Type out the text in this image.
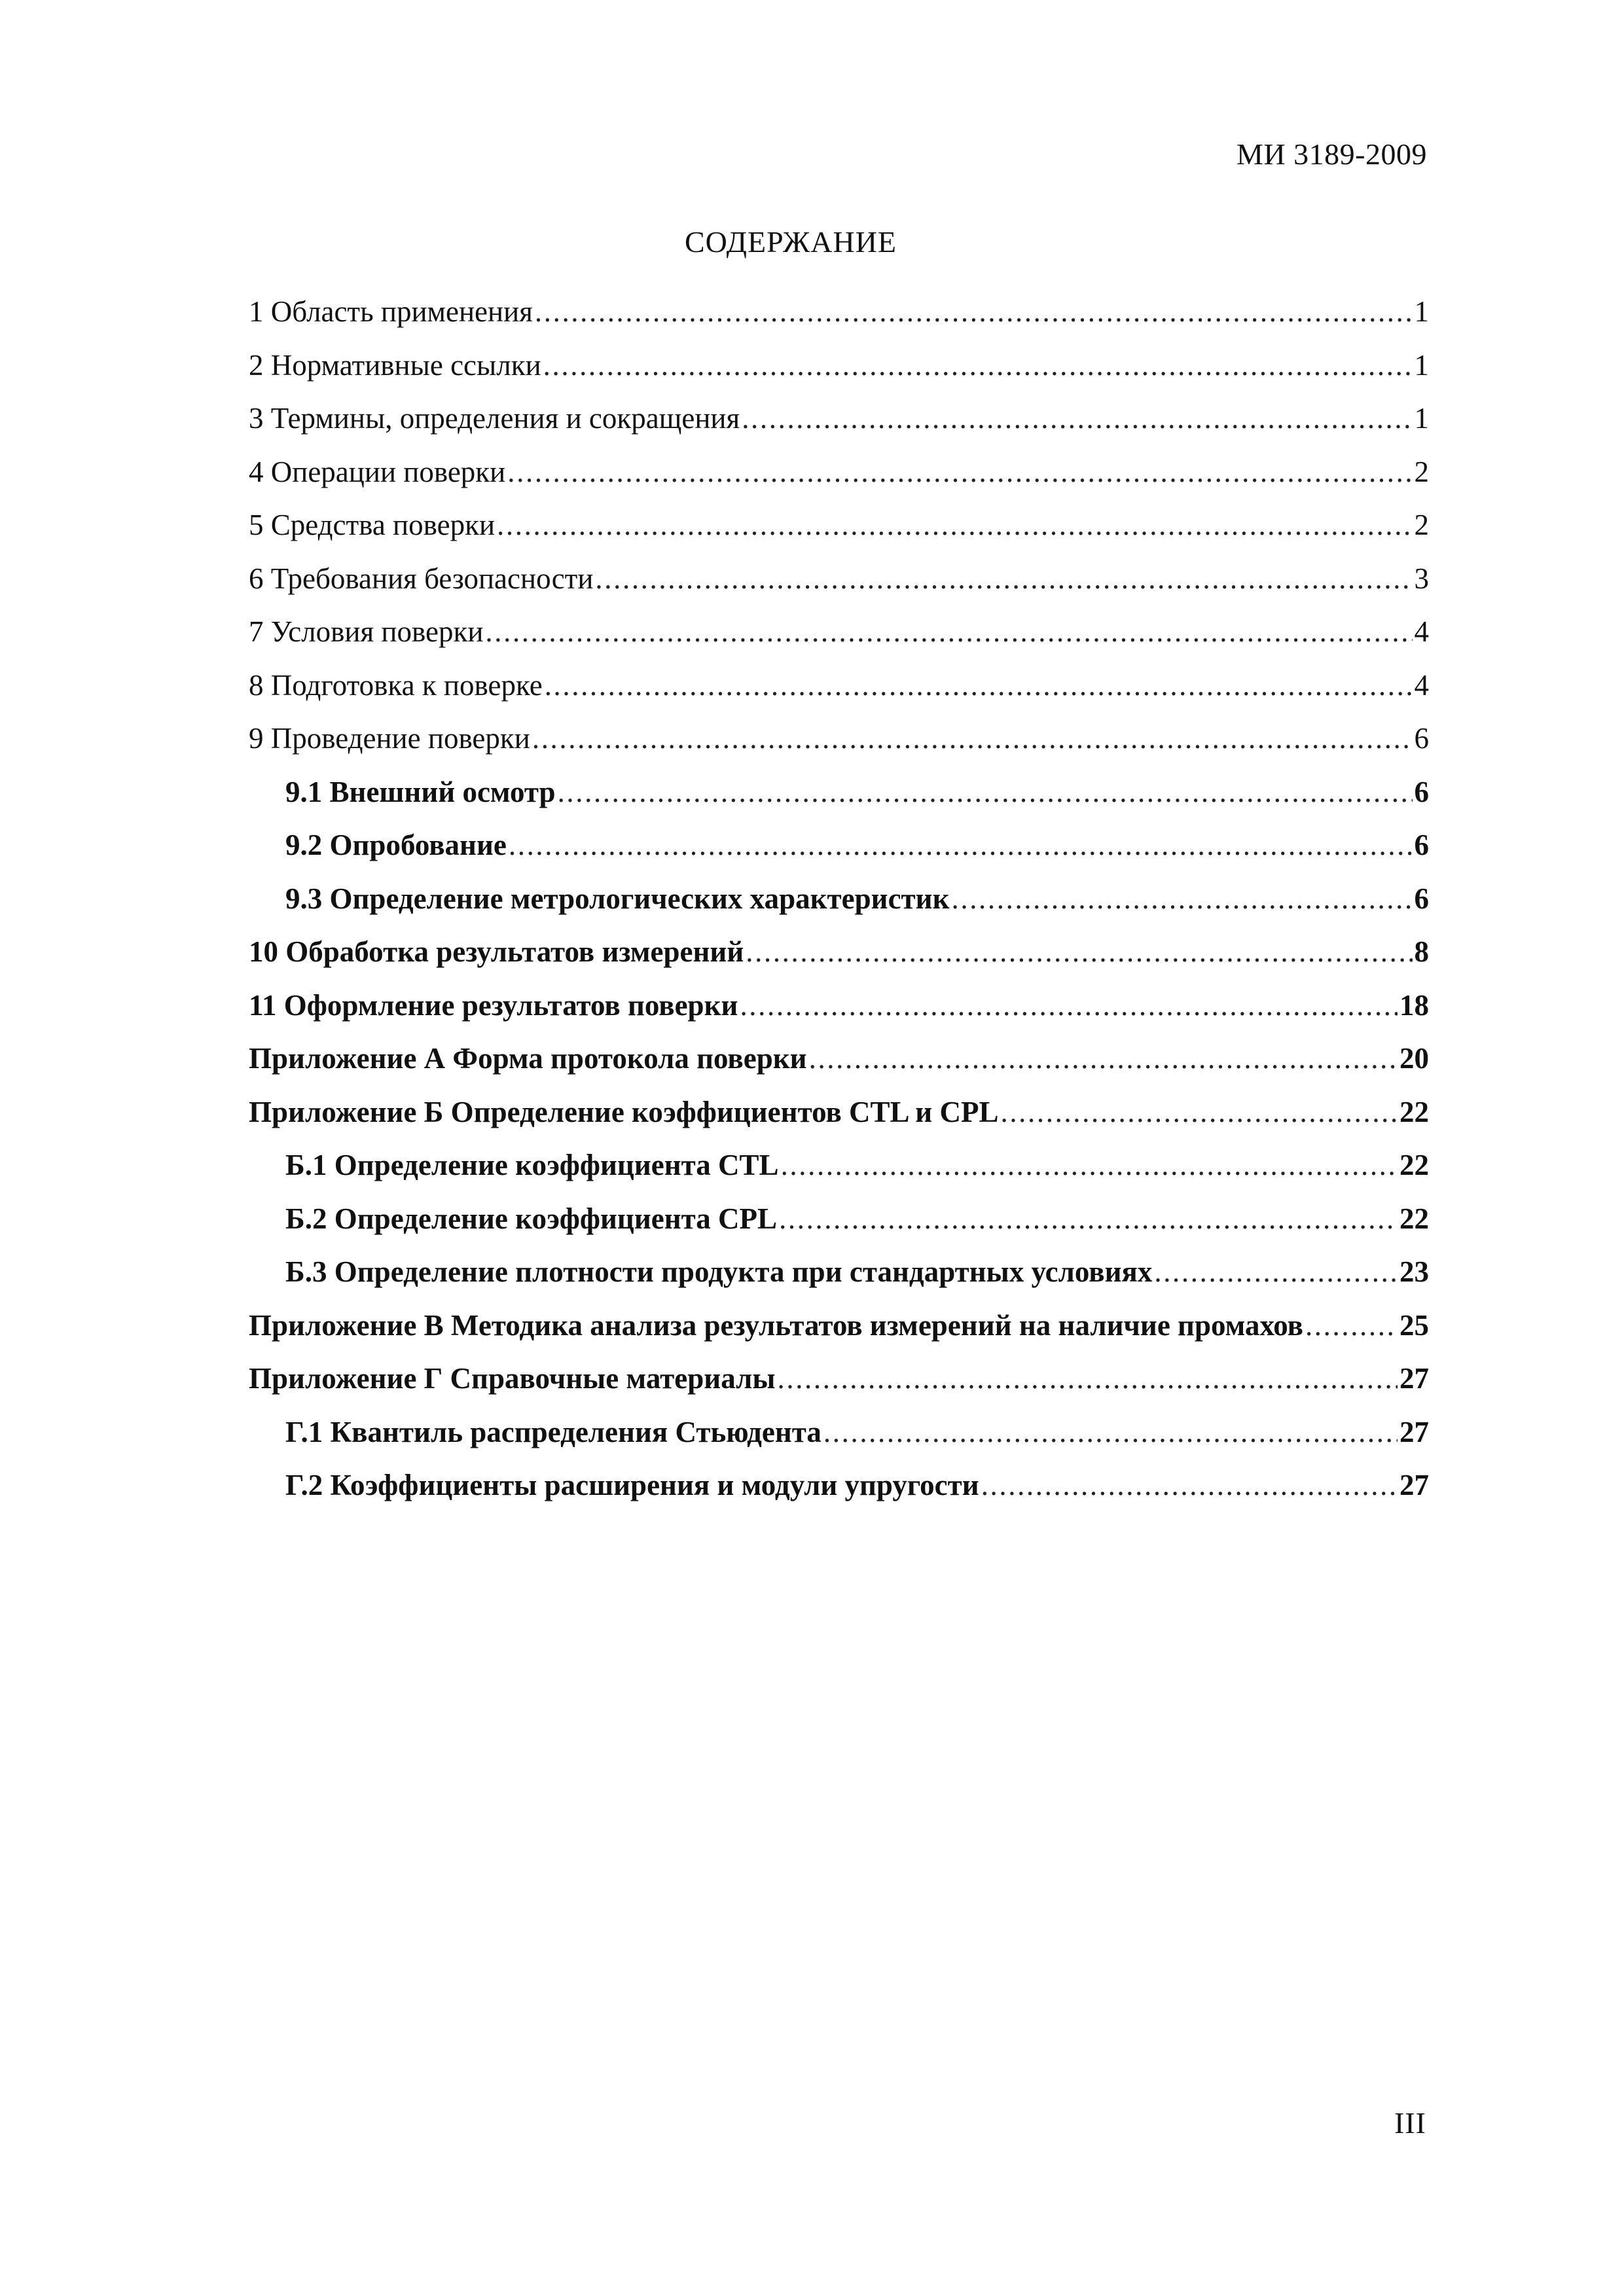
МИ 3189-2009
СОДЕРЖАНИЕ
1 Область применения .....	1
2 Нормативные ссылки .....	1
3 Термины, определения и сокращения .....	1
4 Операции поверки .....	2
5 Средства поверки .....	2
6 Требования безопасности .....	3
7 Условия поверки .....	4
8 Подготовка к поверке .....	4
9 Проведение поверки .....	6
9.1 Внешний осмотр .....	6
9.2 Опробование .....	6
9.3 Определение метрологических характеристик .....	6
10 Обработка результатов измерений .....	8
11 Оформление результатов поверки .....	18
Приложение А Форма протокола поверки .....	20
Приложение Б Определение коэффициентов CTL и CPL .....	22
Б.1 Определение коэффициента CTL .....	22
Б.2 Определение коэффициента CPL .....	22
Б.3 Определение плотности продукта при стандартных условиях .....	23
Приложение В Методика анализа результатов измерений на наличие промахов .....	25
Приложение Г Справочные материалы .....	27
Г.1 Квантиль распределения Стьюдента .....	27
Г.2 Коэффициенты расширения и модули упругости .....	27
III
